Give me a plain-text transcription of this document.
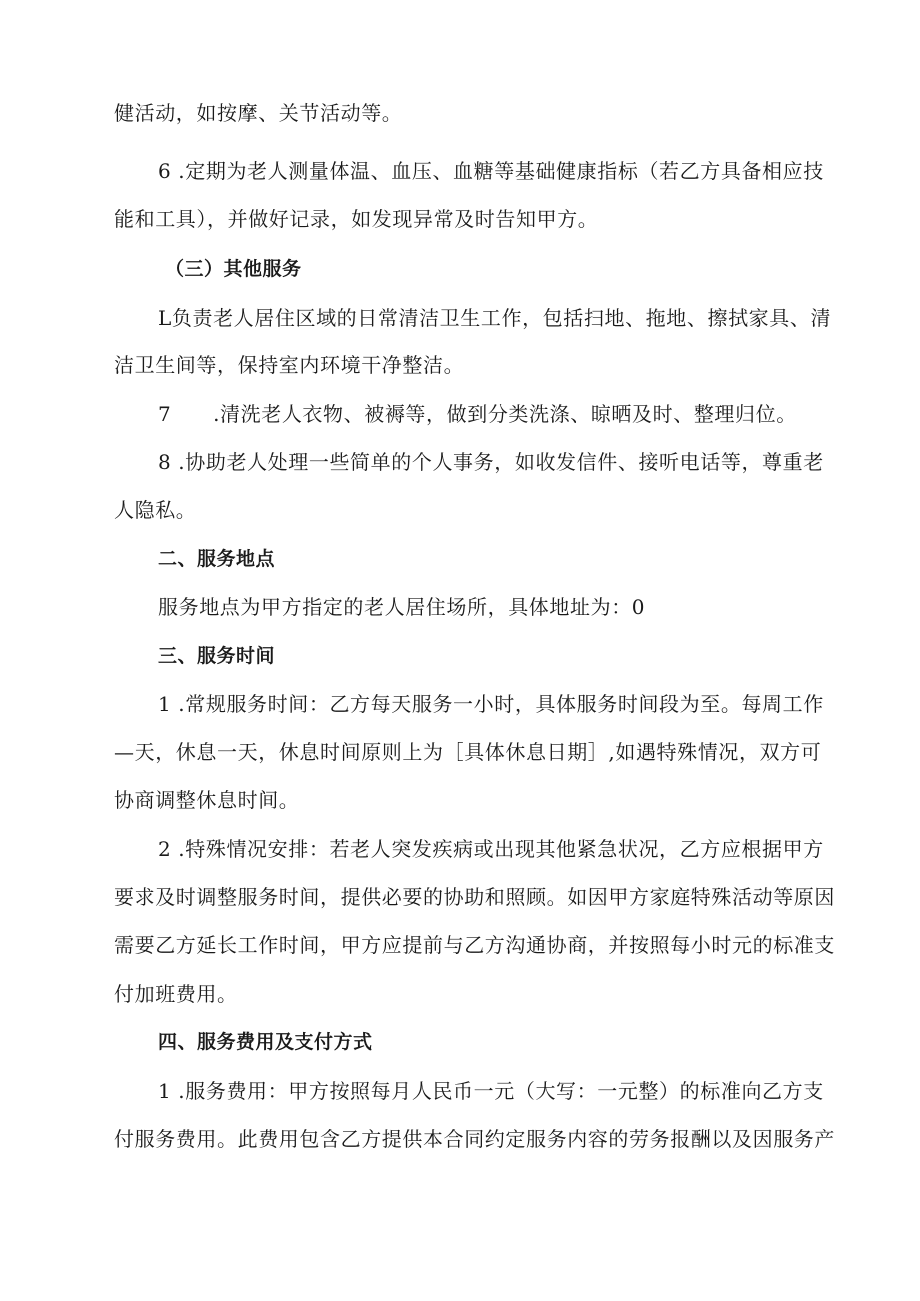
健活动，如按摩、关节活动等。
6 .定期为老人测量体温、血压、血糖等基础健康指标（若乙方具备相应技
能和工具），并做好记录，如发现异常及时告知甲方。
（三）其他服务
L负责老人居住区域的日常清洁卫生工作，包括扫地、拖地、擦拭家具、清
洁卫生间等，保持室内环境干净整洁。
7      .清洗老人衣物、被褥等，做到分类洗涤、晾晒及时、整理归位。
8 .协助老人处理一些简单的个人事务，如收发信件、接听电话等，尊重老
人隐私。
二、服务地点
服务地点为甲方指定的老人居住场所，具体地址为：0
三、服务时间
1 .常规服务时间：乙方每天服务一小时，具体服务时间段为至。每周工作
—天，休息一天，休息时间原则上为［具体休息日期］,如遇特殊情况，双方可
协商调整休息时间。
2 .特殊情况安排：若老人突发疾病或出现其他紧急状况，乙方应根据甲方
要求及时调整服务时间，提供必要的协助和照顾。如因甲方家庭特殊活动等原因
需要乙方延长工作时间，甲方应提前与乙方沟通协商，并按照每小时元的标准支
付加班费用。
四、服务费用及支付方式
1 .服务费用：甲方按照每月人民币一元（大写：一元整）的标准向乙方支
付服务费用。此费用包含乙方提供本合同约定服务内容的劳务报酬以及因服务产
